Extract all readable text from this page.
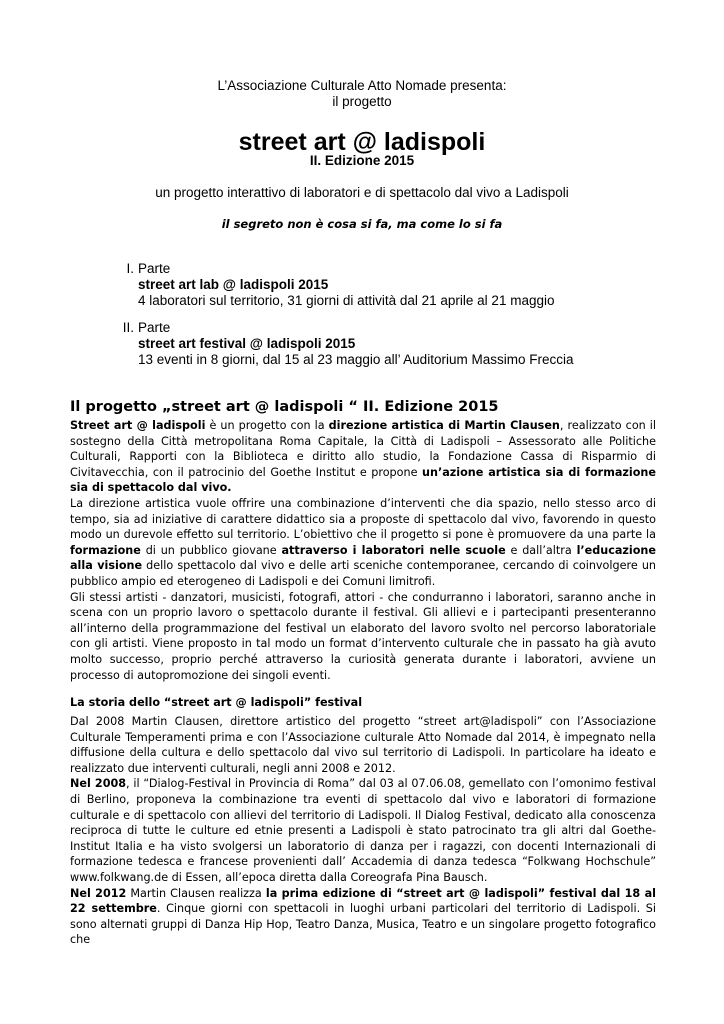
L’Associazione Culturale Atto Nomade presenta:
il progetto
street art @ ladispoli
II. Edizione 2015
un progetto interattivo di laboratori e di spettacolo dal vivo a Ladispoli
il segreto non è cosa si fa, ma come lo si fa
I. Parte
street art lab @ ladispoli 2015
4 laboratori sul territorio, 31 giorni di attività dal 21 aprile al 21 maggio
II. Parte
street art festival @ ladispoli 2015
13 eventi in 8 giorni, dal 15 al 23 maggio all’ Auditorium Massimo Freccia
Il progetto „street art @ ladispoli “ II. Edizione 2015

Street art @ ladispoli è un progetto con la direzione artistica di Martin Clausen, realizzato con il sostegno della Città metropolitana Roma Capitale, la Città di Ladispoli – Assessorato alle Politiche Culturali, Rapporti con la Biblioteca e diritto allo studio, la Fondazione Cassa di Risparmio di Civitavecchia, con il patrocinio del Goethe Institut e propone un’azione artistica sia di formazione sia di spettacolo dal vivo.

La direzione artistica vuole offrire una combinazione d’interventi che dia spazio, nello stesso arco di tempo, sia ad iniziative di carattere didattico sia a proposte di spettacolo dal vivo, favorendo in questo modo un durevole effetto sul territorio. L’obiettivo che il progetto si pone è promuovere da una parte la formazione di un pubblico giovane attraverso i laboratori nelle scuole e dall’altra l’educazione alla visione dello spettacolo dal vivo e delle arti sceniche contemporanee, cercando di coinvolgere un pubblico ampio ed eterogeneo di Ladispoli e dei Comuni limitrofi.

Gli stessi artisti - danzatori, musicisti, fotografi, attori - che condurranno i laboratori, saranno anche in scena con un proprio lavoro o spettacolo durante il festival. Gli allievi e i partecipanti presenteranno all’interno della programmazione del festival un elaborato del lavoro svolto nel percorso laboratoriale con gli artisti. Viene proposto in tal modo un format d’intervento culturale che in passato ha già avuto molto successo, proprio perché attraverso la curiosità generata durante i laboratori, avviene un processo di autopromozione dei singoli eventi.

La storia dello “street art @ ladispoli” festival

Dal 2008 Martin Clausen, direttore artistico del progetto “street art@ladispoli” con l’Associazione Culturale Temperamenti prima e con l’Associazione culturale Atto Nomade dal 2014, è impegnato nella diffusione della cultura e dello spettacolo dal vivo sul territorio di Ladispoli. In particolare ha ideato e realizzato due interventi culturali, negli anni 2008 e 2012.

Nel 2008, il “Dialog-Festival in Provincia di Roma” dal 03 al 07.06.08, gemellato con l’omonimo festival di Berlino, proponeva la combinazione tra eventi di spettacolo dal vivo e laboratori di formazione culturale e di spettacolo con allievi del territorio di Ladispoli. Il Dialog Festival, dedicato alla conoscenza reciproca di tutte le culture ed etnie presenti a Ladispoli è stato patrocinato tra gli altri dal Goethe-Institut Italia e ha visto svolgersi un laboratorio di danza per i ragazzi, con docenti Internazionali di formazione tedesca e francese provenienti dall’ Accademia di danza tedesca “Folkwang Hochschule” www.folkwang.de di Essen, all’epoca diretta dalla Coreografa Pina Bausch.

Nel 2012 Martin Clausen realizza la prima edizione di “street art @ ladispoli” festival dal 18 al 22 settembre. Cinque giorni con spettacoli in luoghi urbani particolari del territorio di Ladispoli. Si sono alternati gruppi di Danza Hip Hop, Teatro Danza, Musica, Teatro e un singolare progetto fotografico che
